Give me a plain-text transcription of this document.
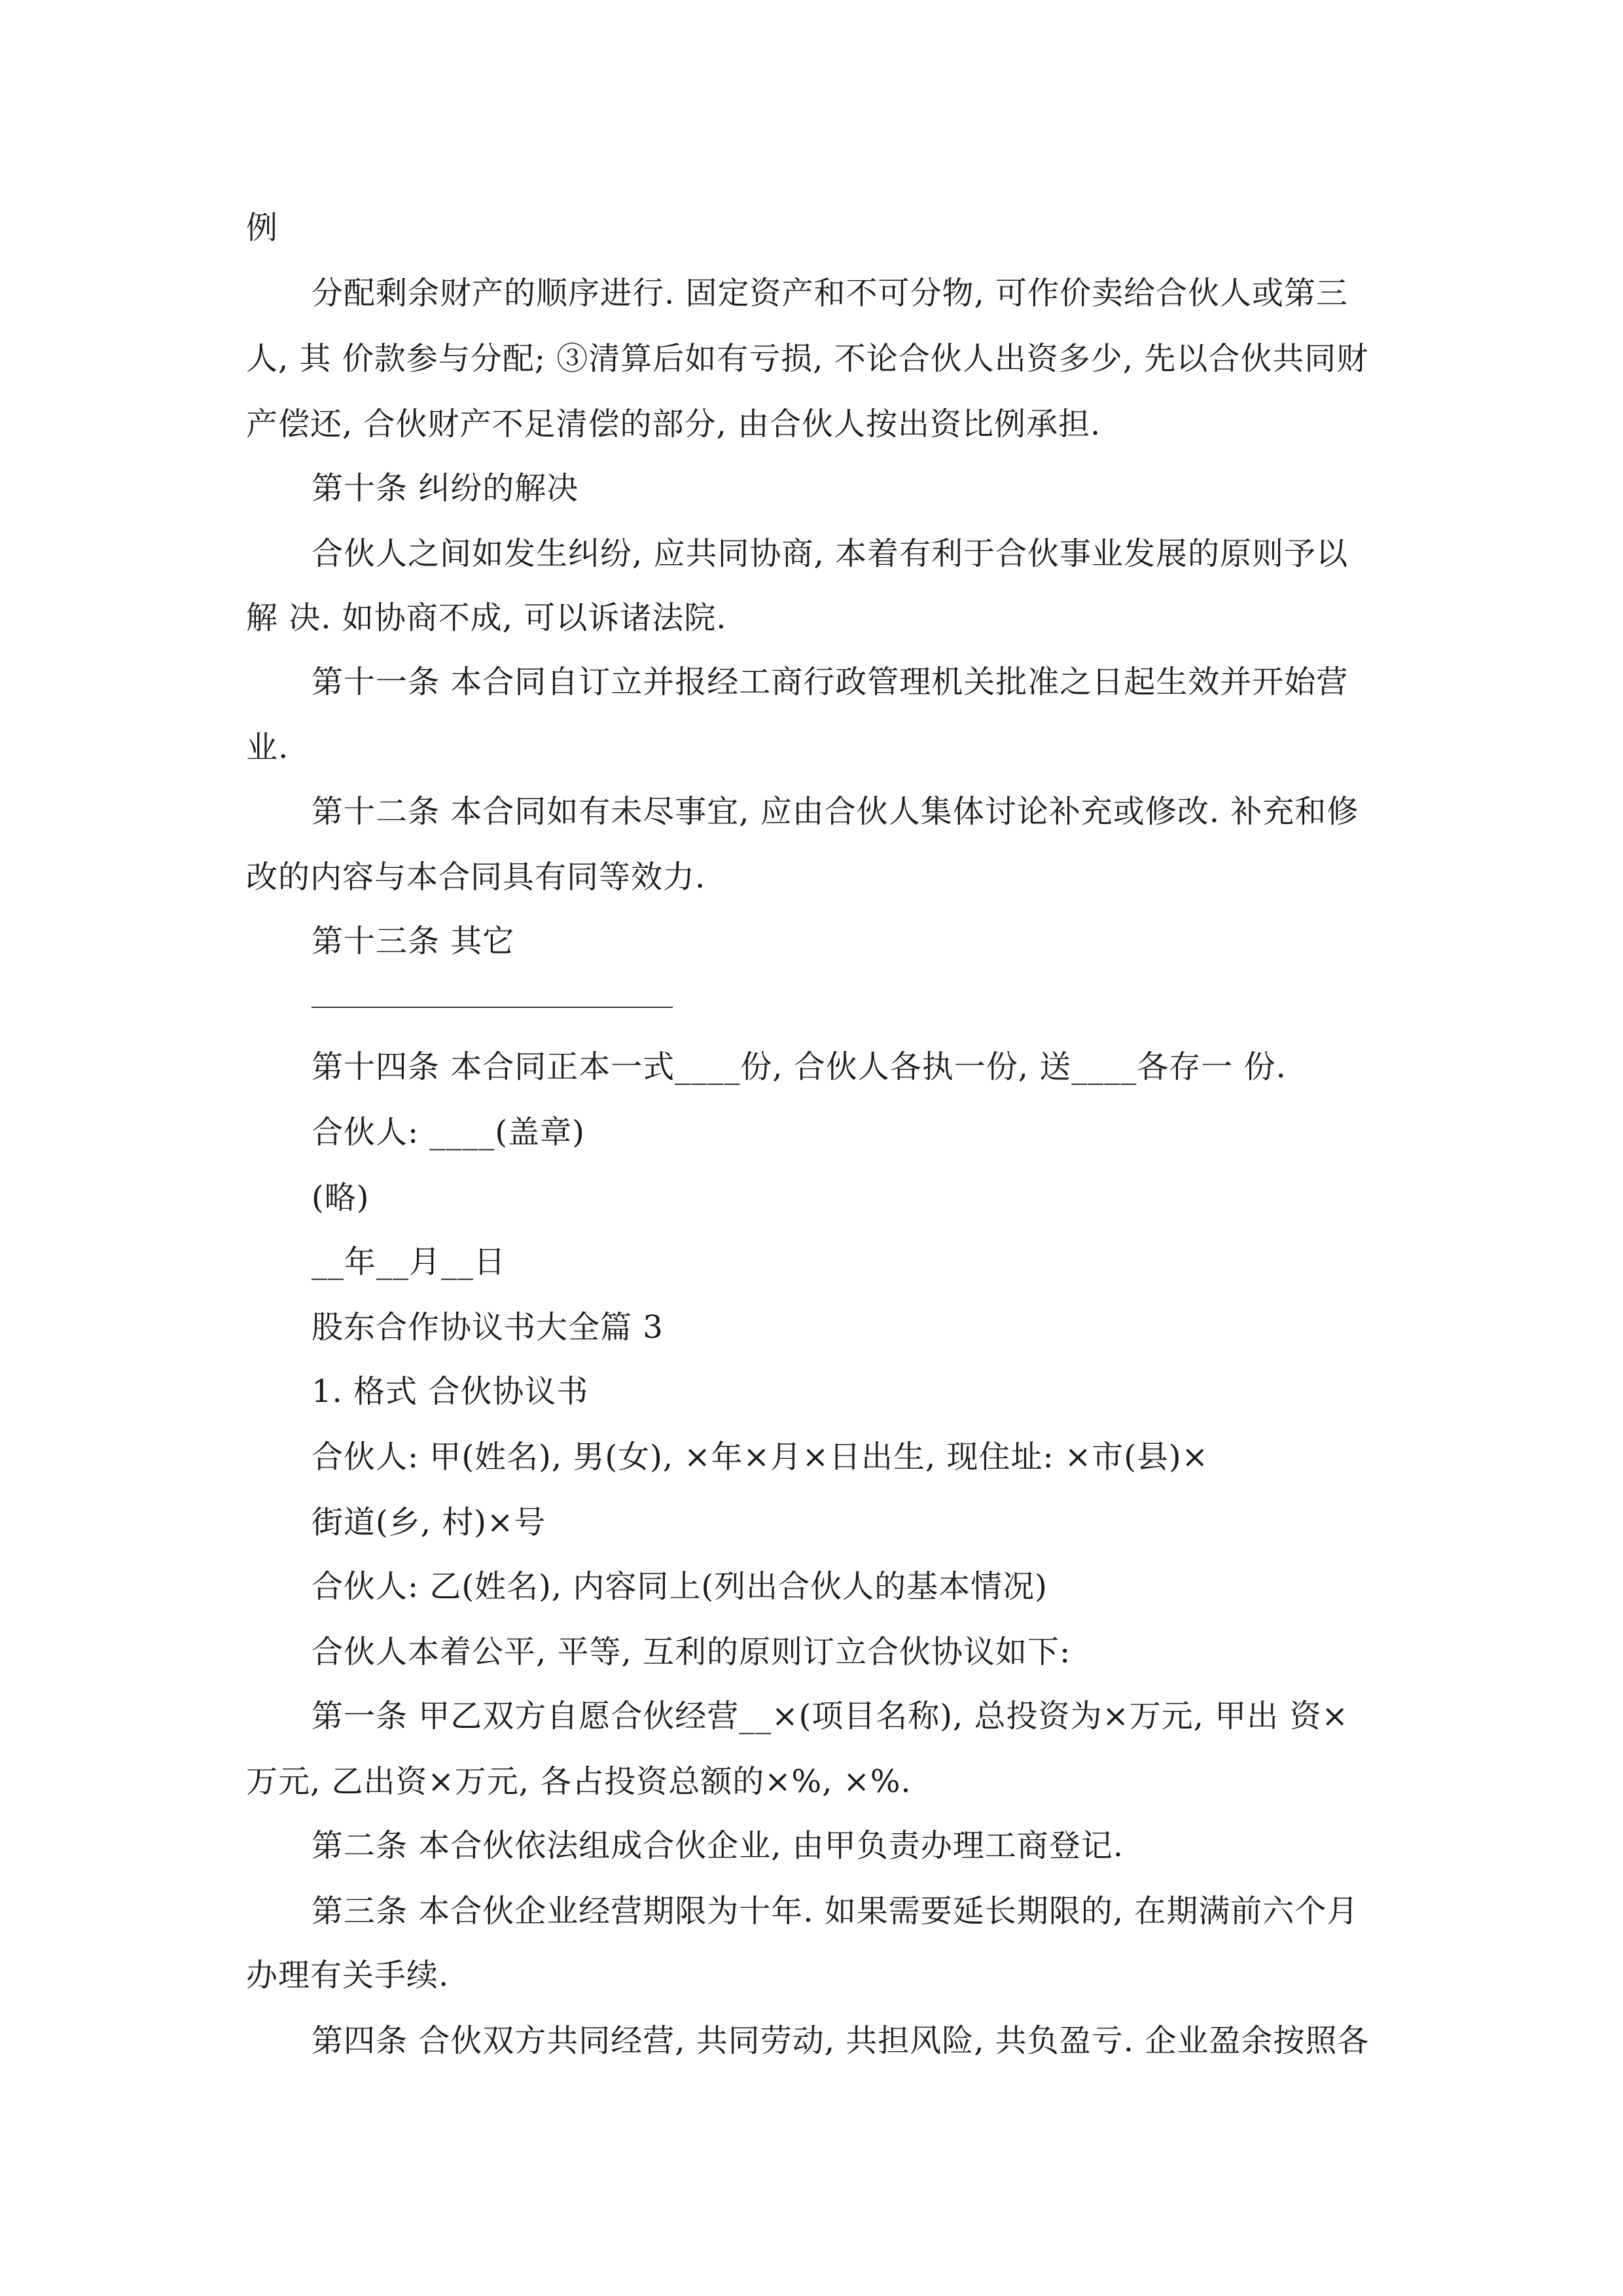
例
分配剩余财产的顺序进行. 固定资产和不可分物, 可作价卖给合伙人或第三
人, 其 价款参与分配; ③清算后如有亏损, 不论合伙人出资多少, 先以合伙共同财
产偿还, 合伙财产不足清偿的部分, 由合伙人按出资比例承担.
第十条 纠纷的解决
合伙人之间如发生纠纷, 应共同协商, 本着有利于合伙事业发展的原则予以
解 决. 如协商不成, 可以诉诸法院.
第十一条 本合同自订立并报经工商行政管理机关批准之日起生效并开始营
业.
第十二条 本合同如有未尽事宜, 应由合伙人集体讨论补充或修改. 补充和修
改的内容与本合同具有同等效力.
第十三条 其它
第十四条 本合同正本一式____份, 合伙人各执一份, 送____各存一 份.
合伙人: ____(盖章)
(略)
__年__月__日
股东合作协议书大全篇 3
1. 格式 合伙协议书
合伙人: 甲(姓名), 男(女), ×年×月×日出生, 现住址: ×市(县)×
街道(乡, 村)×号
合伙人: 乙(姓名), 内容同上(列出合伙人的基本情况)
合伙人本着公平, 平等, 互利的原则订立合伙协议如下:
第一条 甲乙双方自愿合伙经营__×(项目名称), 总投资为×万元, 甲出 资×
万元, 乙出资×万元, 各占投资总额的×%, ×%.
第二条 本合伙依法组成合伙企业, 由甲负责办理工商登记.
第三条 本合伙企业经营期限为十年. 如果需要延长期限的, 在期满前六个月
办理有关手续.
第四条 合伙双方共同经营, 共同劳动, 共担风险, 共负盈亏. 企业盈余按照各
